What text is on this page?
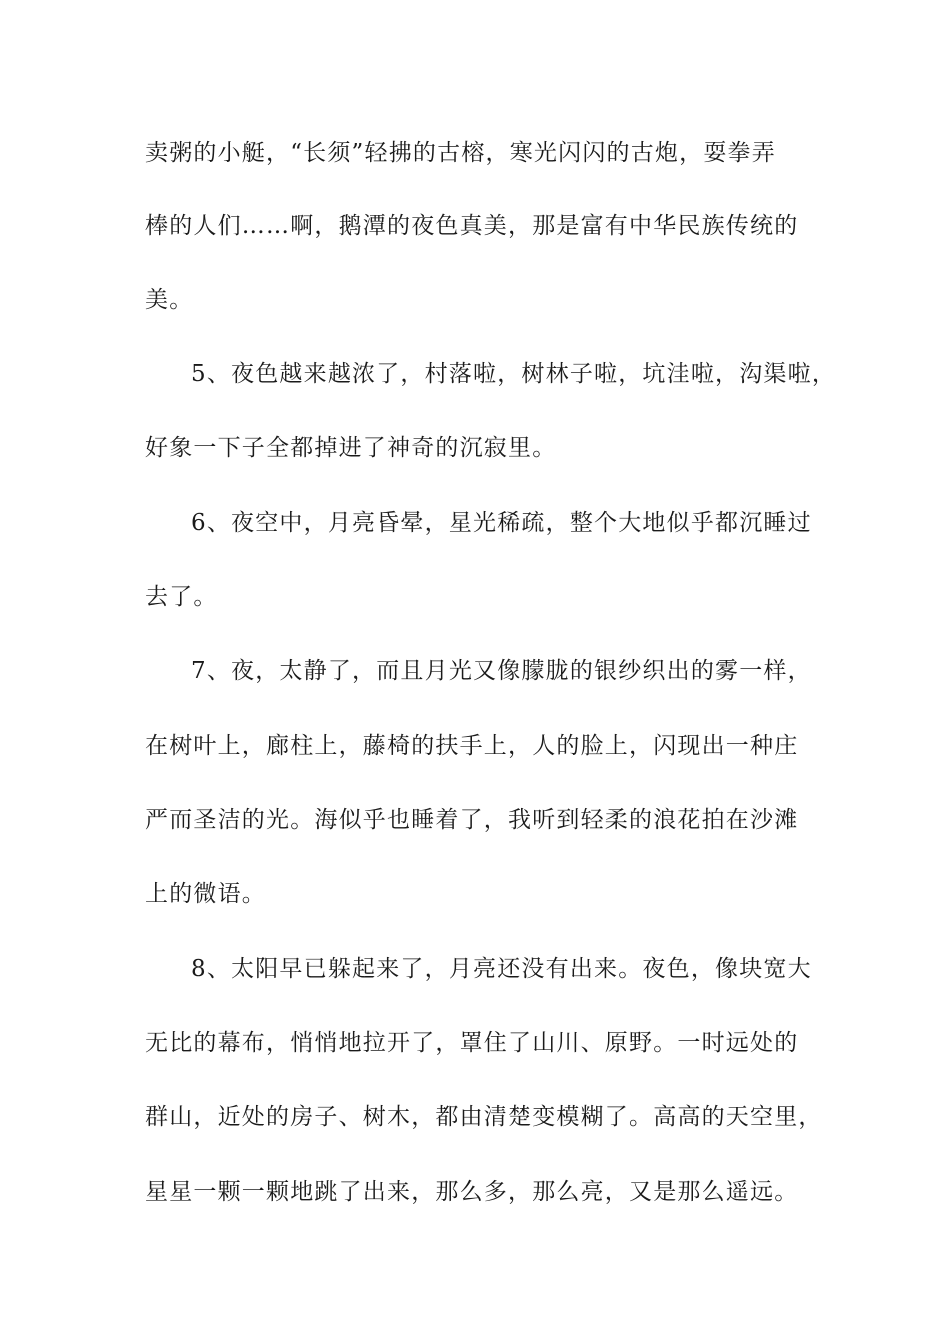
卖粥的小艇，“长须”轻拂的古榕，寒光闪闪的古炮，耍拳弄
棒的人们……啊，鹅潭的夜色真美，那是富有中华民族传统的
美。
5、夜色越来越浓了，村落啦，树林子啦，坑洼啦，沟渠啦，
好象一下子全都掉进了神奇的沉寂里。
6、夜空中，月亮昏晕，星光稀疏，整个大地似乎都沉睡过
去了。
7、夜，太静了，而且月光又像朦胧的银纱织出的雾一样，
在树叶上，廊柱上，藤椅的扶手上，人的脸上，闪现出一种庄
严而圣洁的光。海似乎也睡着了，我听到轻柔的浪花拍在沙滩
上的微语。
8、太阳早已躲起来了，月亮还没有出来。夜色，像块宽大
无比的幕布，悄悄地拉开了，罩住了山川、原野。一时远处的
群山，近处的房子、树木，都由清楚变模糊了。高高的天空里，
星星一颗一颗地跳了出来，那么多，那么亮，又是那么遥远。
